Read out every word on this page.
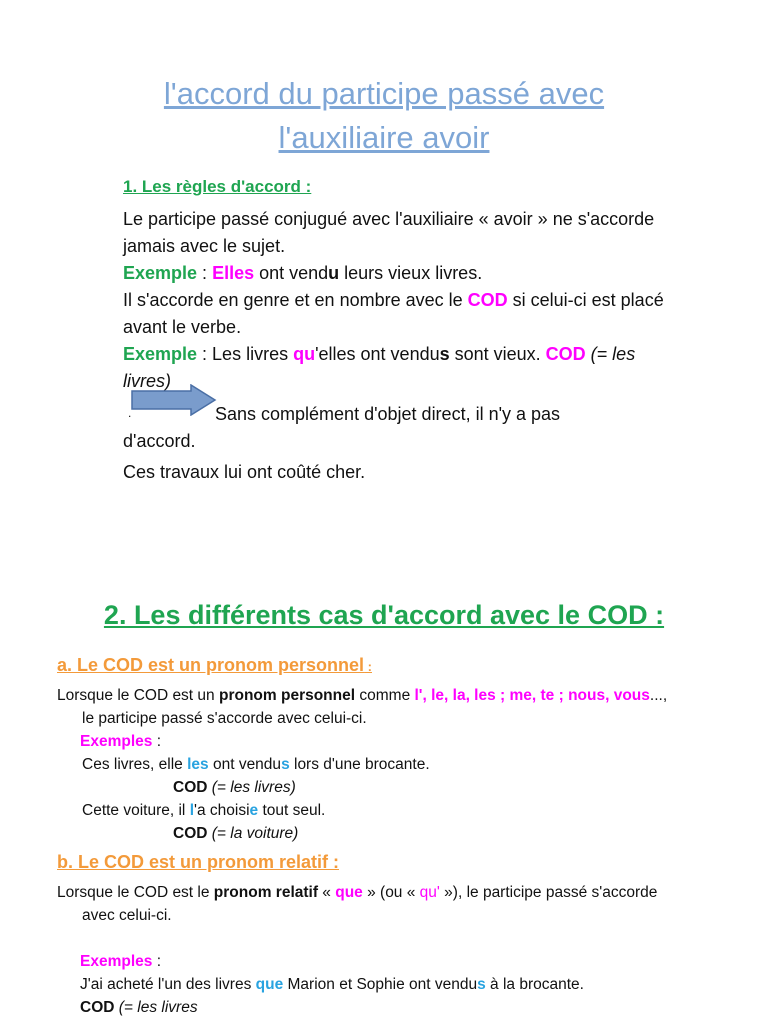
l'accord du participe passé avec
l'auxiliaire avoir
1. Les règles d'accord :
Le participe passé conjugué avec l'auxiliaire « avoir » ne s'accorde jamais avec le sujet.
Exemple : Elles ont vendu leurs vieux livres.
Il s'accorde en genre et en nombre avec le COD si celui-ci est placé avant le verbe.
Exemple : Les livres qu'elles ont vendus sont vieux. COD (= les livres)
.	Sans complément d'objet direct, il n'y a pas
d'accord.
Ces travaux lui ont coûté cher.
2. Les différents cas d'accord avec le COD :
a. Le COD est un pronom personnel :
Lorsque le COD est un pronom personnel comme l', le, la, les ; me, te ; nous, vous...,
le participe passé s'accorde avec celui-ci.
Exemples :
Ces livres, elle les ont vendus lors d'une brocante.
COD (= les livres)
Cette voiture, il l'a choisie tout seul.
COD (= la voiture)
b. Le COD est un pronom relatif :
Lorsque le COD est le pronom relatif « que » (ou « qu' »), le participe passé s'accorde
avec celui-ci.
Exemples :
J'ai acheté l'un des livres que Marion et Sophie ont vendus à la brocante.
COD (= les livres
